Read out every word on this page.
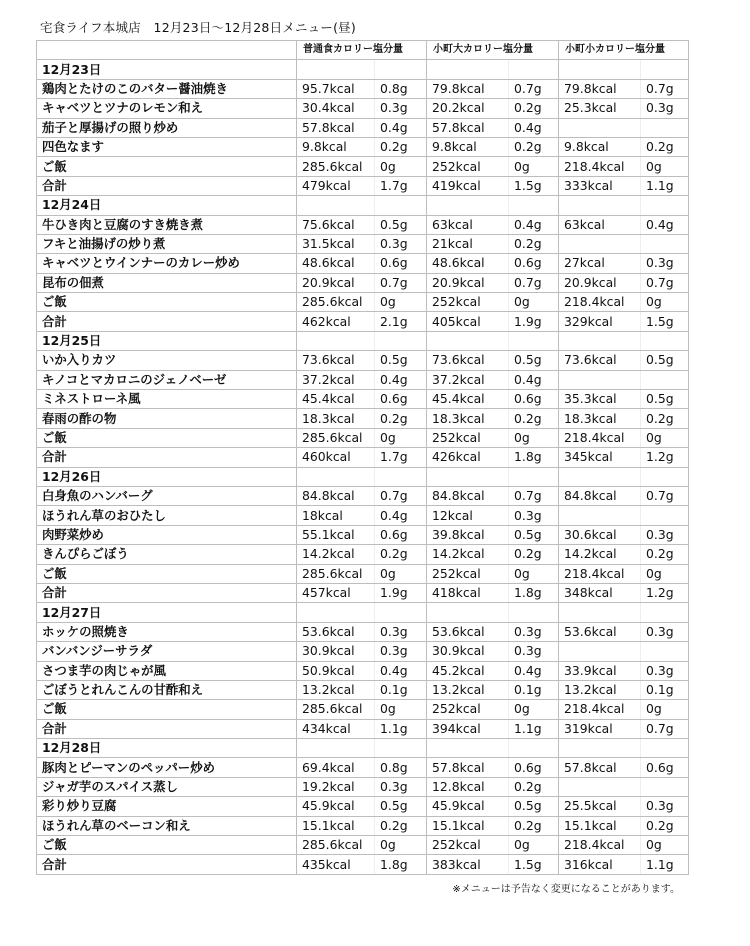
宅食ライフ本城店　12月23日〜12月28日メニュー(昼)
	普通食カロリー塩分量		小町大カロリー塩分量		小町小カロリー塩分量	
12月23日						
鶏肉とたけのこのバター醤油焼き	95.7kcal	0.8g	79.8kcal	0.7g	79.8kcal	0.7g
キャベツとツナのレモン和え	30.4kcal	0.3g	20.2kcal	0.2g	25.3kcal	0.3g
茄子と厚揚げの照り炒め	57.8kcal	0.4g	57.8kcal	0.4g		
四色なます	9.8kcal	0.2g	9.8kcal	0.2g	9.8kcal	0.2g
ご飯	285.6kcal	0g	252kcal	0g	218.4kcal	0g
合計	479kcal	1.7g	419kcal	1.5g	333kcal	1.1g
12月24日						
牛ひき肉と豆腐のすき焼き煮	75.6kcal	0.5g	63kcal	0.4g	63kcal	0.4g
フキと油揚げの炒り煮	31.5kcal	0.3g	21kcal	0.2g		
キャベツとウインナーのカレー炒め	48.6kcal	0.6g	48.6kcal	0.6g	27kcal	0.3g
昆布の佃煮	20.9kcal	0.7g	20.9kcal	0.7g	20.9kcal	0.7g
ご飯	285.6kcal	0g	252kcal	0g	218.4kcal	0g
合計	462kcal	2.1g	405kcal	1.9g	329kcal	1.5g
12月25日						
いか入りカツ	73.6kcal	0.5g	73.6kcal	0.5g	73.6kcal	0.5g
キノコとマカロニのジェノベーゼ	37.2kcal	0.4g	37.2kcal	0.4g		
ミネストローネ風	45.4kcal	0.6g	45.4kcal	0.6g	35.3kcal	0.5g
春雨の酢の物	18.3kcal	0.2g	18.3kcal	0.2g	18.3kcal	0.2g
ご飯	285.6kcal	0g	252kcal	0g	218.4kcal	0g
合計	460kcal	1.7g	426kcal	1.8g	345kcal	1.2g
12月26日						
白身魚のハンバーグ	84.8kcal	0.7g	84.8kcal	0.7g	84.8kcal	0.7g
ほうれん草のおひたし	18kcal	0.4g	12kcal	0.3g		
肉野菜炒め	55.1kcal	0.6g	39.8kcal	0.5g	30.6kcal	0.3g
きんぴらごぼう	14.2kcal	0.2g	14.2kcal	0.2g	14.2kcal	0.2g
ご飯	285.6kcal	0g	252kcal	0g	218.4kcal	0g
合計	457kcal	1.9g	418kcal	1.8g	348kcal	1.2g
12月27日						
ホッケの照焼き	53.6kcal	0.3g	53.6kcal	0.3g	53.6kcal	0.3g
バンバンジーサラダ	30.9kcal	0.3g	30.9kcal	0.3g		
さつま芋の肉じゃが風	50.9kcal	0.4g	45.2kcal	0.4g	33.9kcal	0.3g
ごぼうとれんこんの甘酢和え	13.2kcal	0.1g	13.2kcal	0.1g	13.2kcal	0.1g
ご飯	285.6kcal	0g	252kcal	0g	218.4kcal	0g
合計	434kcal	1.1g	394kcal	1.1g	319kcal	0.7g
12月28日						
豚肉とピーマンのペッパー炒め	69.4kcal	0.8g	57.8kcal	0.6g	57.8kcal	0.6g
ジャガ芋のスパイス蒸し	19.2kcal	0.3g	12.8kcal	0.2g		
彩り炒り豆腐	45.9kcal	0.5g	45.9kcal	0.5g	25.5kcal	0.3g
ほうれん草のベーコン和え	15.1kcal	0.2g	15.1kcal	0.2g	15.1kcal	0.2g
ご飯	285.6kcal	0g	252kcal	0g	218.4kcal	0g
合計	435kcal	1.8g	383kcal	1.5g	316kcal	1.1g
※メニューは予告なく変更になることがあります。
